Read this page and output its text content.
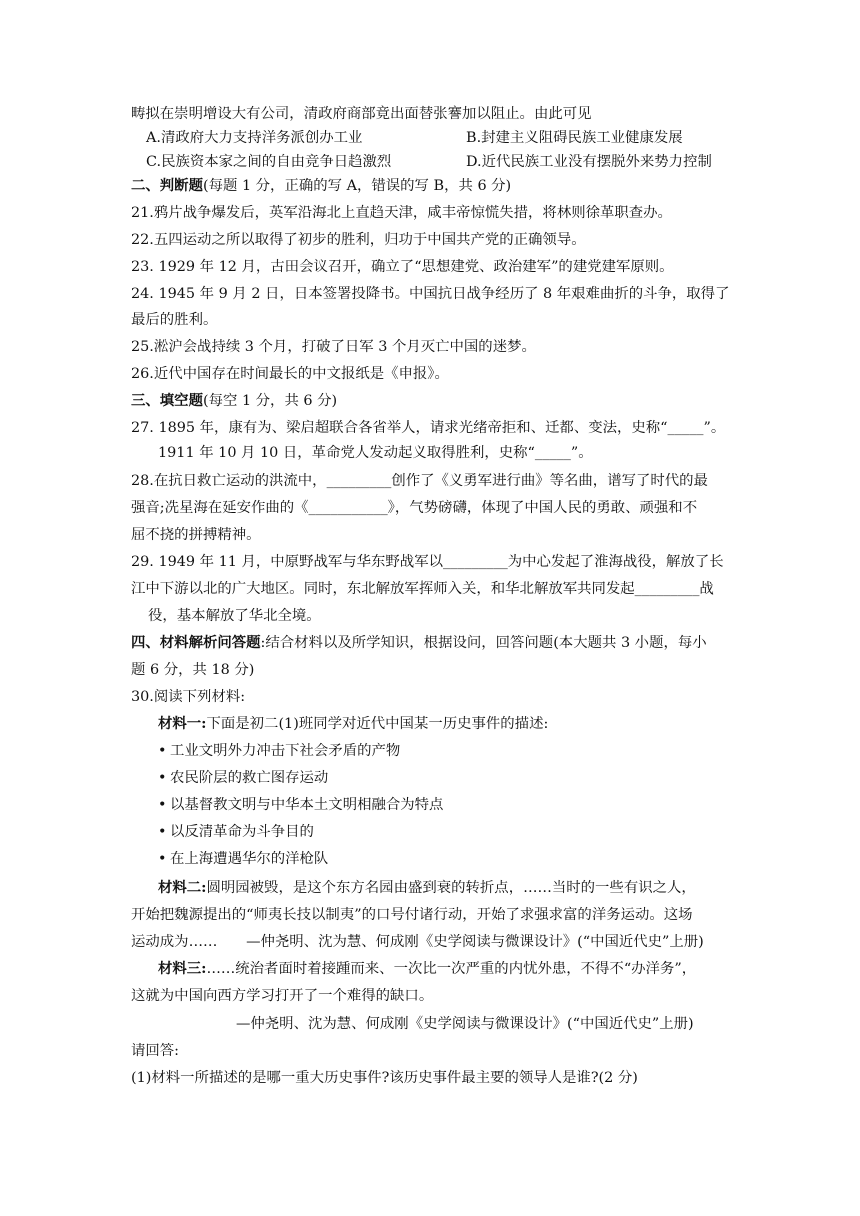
畴拟在崇明增设大有公司，清政府商部竟出面替张謇加以阻止。由此可见
A.清政府大力支持洋务派创办工业	B.封建主义阻碍民族工业健康发展
C.民族资本家之间的自由竞争日趋激烈	D.近代民族工业没有摆脱外来势力控制
二、判断题(每题 1 分，正确的写 A，错误的写 B，共 6 分)
21.鸦片战争爆发后，英军沿海北上直趋天津，咸丰帝惊慌失措，将林则徐革职查办。
22.五四运动之所以取得了初步的胜利，归功于中国共产党的正确领导。
23. 1929 年 12 月，古田会议召开，确立了“思想建党、政治建军”的建党建军原则。
24. 1945 年 9 月 2 日，日本签署投降书。中国抗日战争经历了 8 年艰难曲折的斗争，取得了
最后的胜利。
25.淞沪会战持续 3 个月，打破了日军 3 个月灭亡中国的迷梦。
26.近代中国存在时间最长的中文报纸是《申报》。
三、填空题(每空 1 分，共 6 分)
27. 1895 年，康有为、梁启超联合各省举人，请求光绪帝拒和、迁都、变法，史称“_____”。
1911 年 10 月 10 日，革命党人发动起义取得胜利，史称“_____”。
28.在抗日救亡运动的洪流中，_________创作了《义勇军进行曲》等名曲，谱写了时代的最
强音;冼星海在延安作曲的《___________》，气势磅礴，体现了中国人民的勇敢、顽强和不
屈不挠的拼搏精神。
29. 1949 年 11 月，中原野战军与华东野战军以_________为中心发起了淮海战役，解放了长
江中下游以北的广大地区。同时，东北解放军挥师入关，和华北解放军共同发起_________战
役，基本解放了华北全境。
四、材料解析问答题:结合材料以及所学知识，根据设问，回答问题(本大题共 3 小题，每小
题 6 分，共 18 分)
30.阅读下列材料:
材料一:下面是初二(1)班同学对近代中国某一历史事件的描述:
• 工业文明外力冲击下社会矛盾的产物
• 农民阶层的救亡图存运动
• 以基督教文明与中华本土文明相融合为特点
• 以反清革命为斗争目的
• 在上海遭遇华尔的洋枪队
材料二:圆明园被毁，是这个东方名园由盛到衰的转折点，……当时的一些有识之人，
开始把魏源提出的“师夷长技以制夷”的口号付诸行动，开始了求强求富的洋务运动。这场
运动成为……　　—仲尧明、沈为慧、何成刚《史学阅读与微课设计》(“中国近代史”上册)
材料三:……统治者面时着接踵而来、一次比一次严重的内忧外患，不得不“办洋务”，
这就为中国向西方学习打开了一个难得的缺口。
—仲尧明、沈为慧、何成刚《史学阅读与微课设计》(“中国近代史”上册)
请回答:
(1)材料一所描述的是哪一重大历史事件?该历史事件最主要的领导人是谁?(2 分)
